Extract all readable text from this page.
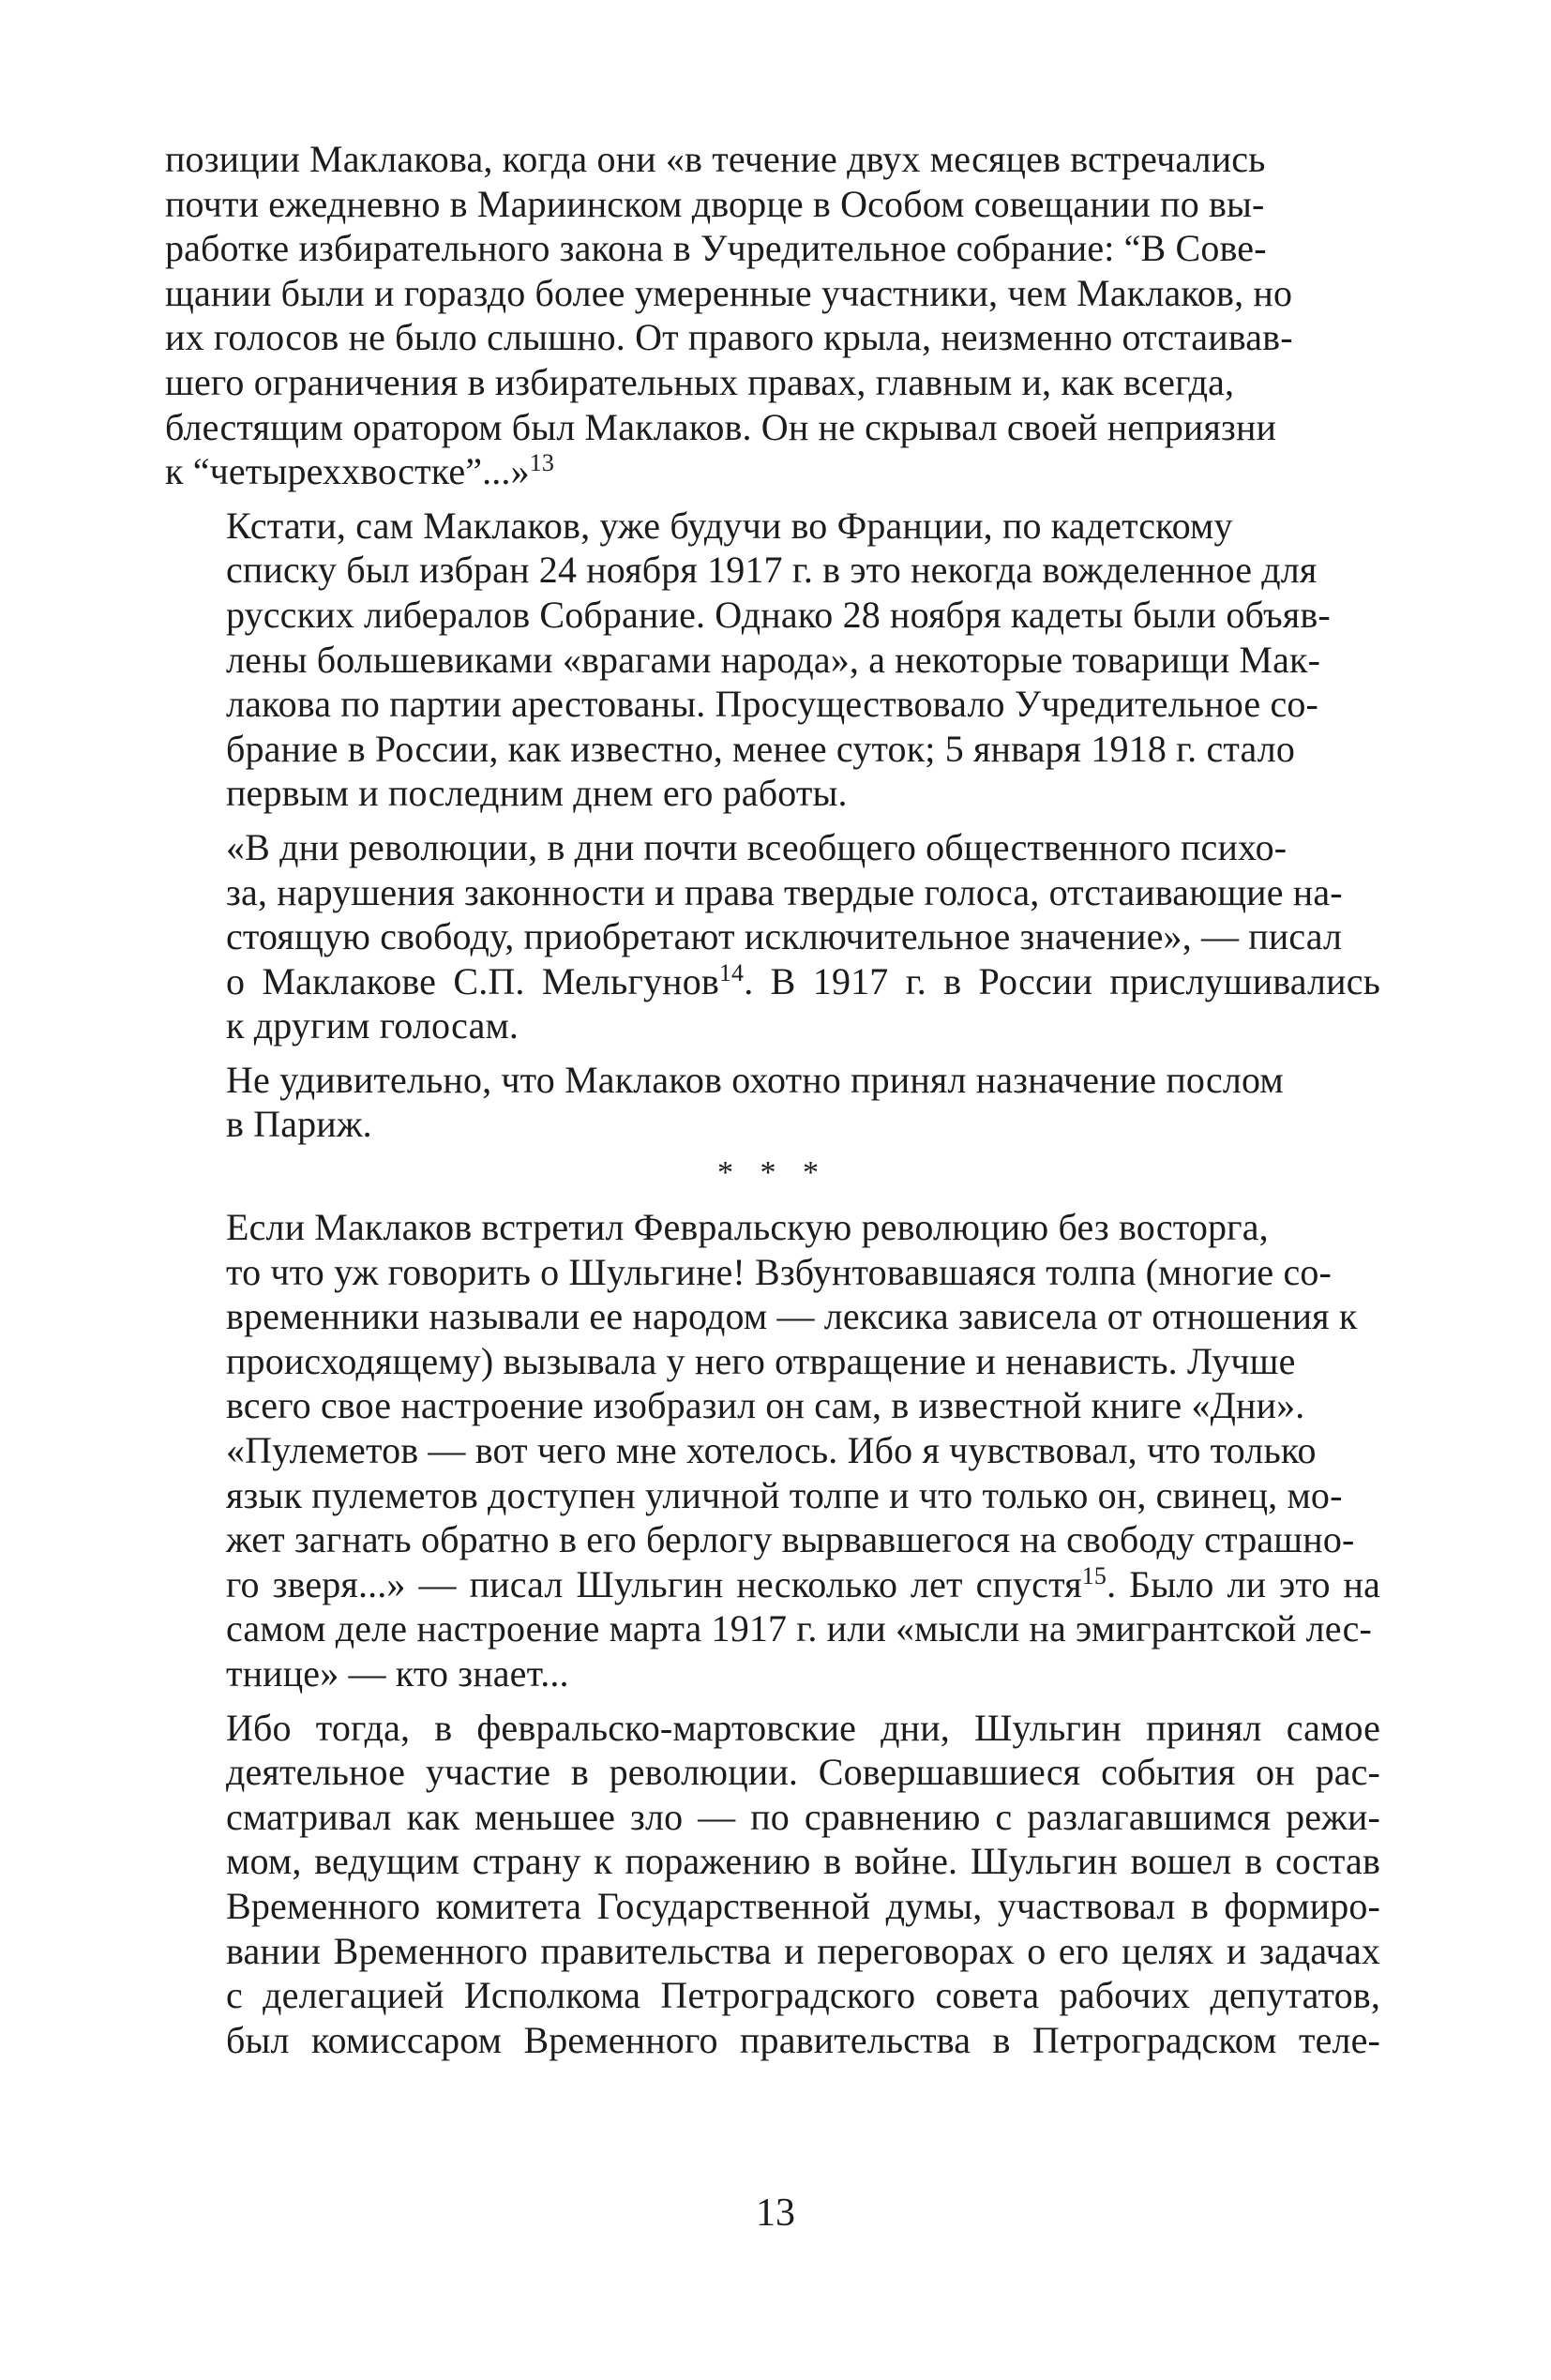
позиции Маклакова, когда они «в течение двух месяцев встречались
почти ежедневно в Мариинском дворце в Особом совещании по вы-
работке избирательного закона в Учредительное собрание: “В Сове-
щании были и гораздо более умеренные участники, чем Маклаков, но
их голосов не было слышно. От правого крыла, неизменно отстаивав-
шего ограничения в избирательных правах, главным и, как всегда,
блестящим оратором был Маклаков. Он не скрывал своей неприязни
к “четыреххвостке”...»$^{13}$

Кстати, сам Маклаков, уже будучи во Франции, по кадетскому
списку был избран 24 ноября 1917 г. в это некогда вожделенное для
русских либералов Собрание. Однако 28 ноября кадеты были объяв-
лены большевиками «врагами народа», а некоторые товарищи Мак-
лакова по партии арестованы. Просуществовало Учредительное со-
брание в России, как известно, менее суток; 5 января 1918 г. стало
первым и последним днем его работы.

«В дни революции, в дни почти всеобщего общественного психо-
за, нарушения законности и права твердые голоса, отстаивающие на-
стоящую свободу, приобретают исключительное значение», — писал
о Маклакове С.П. Мельгунов$^{14}$. В 1917 г. в России прислушивались
к другим голосам.

Не удивительно, что Маклаков охотно принял назначение послом
в Париж.

* * *

Если Маклаков встретил Февральскую революцию без восторга,
то что уж говорить о Шульгине! Взбунтовавшаяся толпа (многие со-
временники называли ее народом — лексика зависела от отношения к
происходящему) вызывала у него отвращение и ненависть. Лучше
всего свое настроение изобразил он сам, в известной книге «Дни».
«Пулеметов — вот чего мне хотелось. Ибо я чувствовал, что только
язык пулеметов доступен уличной толпе и что только он, свинец, мо-
жет загнать обратно в его берлогу вырвавшегося на свободу страшно-
го зверя...» — писал Шульгин несколько лет спустя$^{15}$. Было ли это на
самом деле настроение марта 1917 г. или «мысли на эмигрантской лес-
тнице» — кто знает...

Ибо тогда, в февральско-мартовские дни, Шульгин принял самое
деятельное участие в революции. Совершавшиеся события он рас-
сматривал как меньшее зло — по сравнению с разлагавшимся режи-
мом, ведущим страну к поражению в войне. Шульгин вошел в состав
Временного комитета Государственной думы, участвовал в формиро-
вании Временного правительства и переговорах о его целях и задачах
с делегацией Исполкома Петроградского совета рабочих депутатов,
был комиссаром Временного правительства в Петроградском теле-

13
